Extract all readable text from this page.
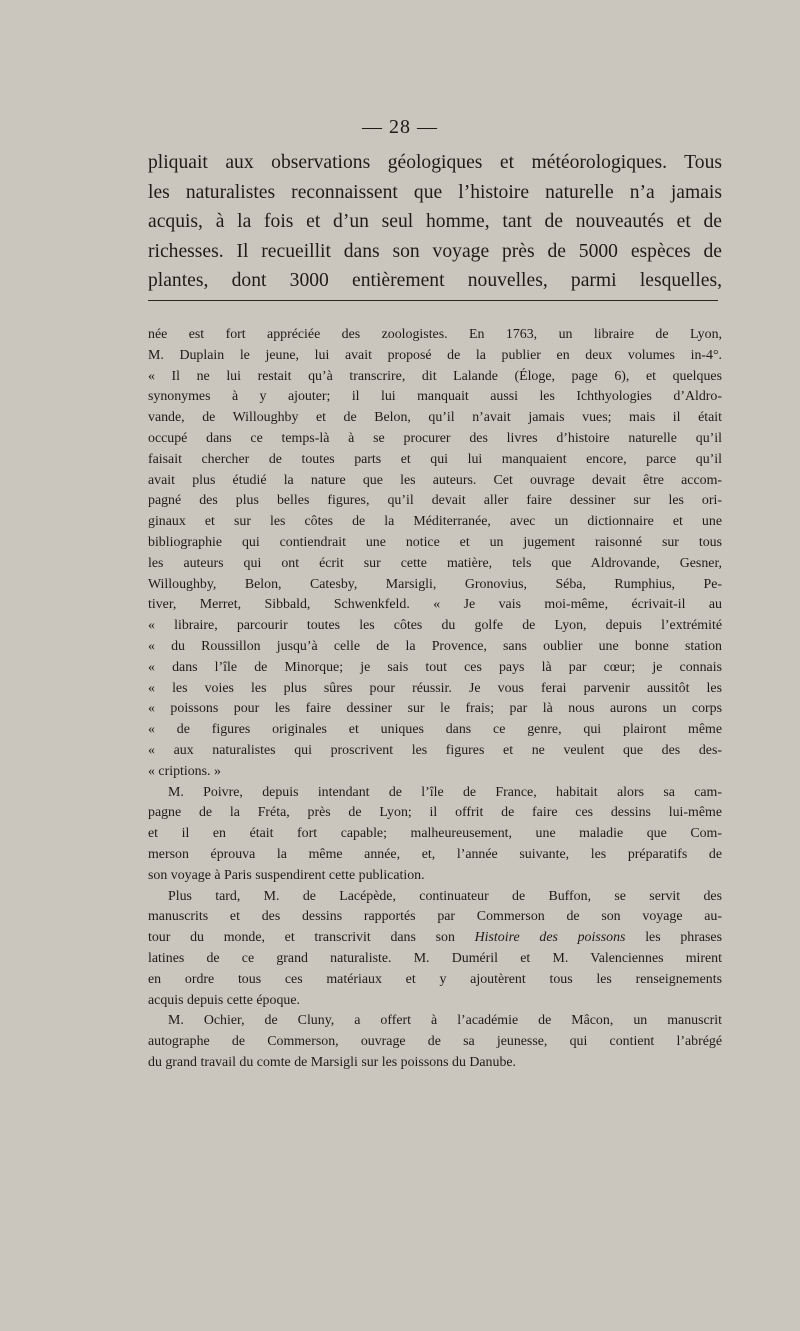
— 28 —
pliquait aux observations géologiques et météorologiques. Tous
les naturalistes reconnaissent que l’histoire naturelle n’a jamais
acquis, à la fois et d’un seul homme, tant de nouveautés et de
richesses. Il recueillit dans son voyage près de 5000 espèces de
plantes, dont 3000 entièrement nouvelles, parmi lesquelles,
née est fort appréciée des zoologistes. En 1763, un libraire de Lyon,
M. Duplain le jeune, lui avait proposé de la publier en deux volumes in-4°.
« Il ne lui restait qu’à transcrire, dit Lalande (Éloge, page 6), et quelques
synonymes à y ajouter; il lui manquait aussi les Ichthyologies d’Aldro-
vande, de Willoughby et de Belon, qu’il n’avait jamais vues; mais il était
occupé dans ce temps-là à se procurer des livres d’histoire naturelle qu’il
faisait chercher de toutes parts et qui lui manquaient encore, parce qu’il
avait plus étudié la nature que les auteurs. Cet ouvrage devait être accom-
pagné des plus belles figures, qu’il devait aller faire dessiner sur les ori-
ginaux et sur les côtes de la Méditerranée, avec un dictionnaire et une
bibliographie qui contiendrait une notice et un jugement raisonné sur tous
les auteurs qui ont écrit sur cette matière, tels que Aldrovande, Gesner,
Willoughby, Belon, Catesby, Marsigli, Gronovius, Séba, Rumphius, Pe-
tiver, Merret, Sibbald, Schwenkfeld. « Je vais moi-même, écrivait-il au
« libraire, parcourir toutes les côtes du golfe de Lyon, depuis l’extrémité
« du Roussillon jusqu’à celle de la Provence, sans oublier une bonne station
« dans l’île de Minorque; je sais tout ces pays là par cœur; je connais
« les voies les plus sûres pour réussir. Je vous ferai parvenir aussitôt les
« poissons pour les faire dessiner sur le frais; par là nous aurons un corps
« de figures originales et uniques dans ce genre, qui plairont même
« aux naturalistes qui proscrivent les figures et ne veulent que des des-
« criptions. »
M. Poivre, depuis intendant de l’île de France, habitait alors sa cam-
pagne de la Fréta, près de Lyon; il offrit de faire ces dessins lui-même
et il en était fort capable; malheureusement, une maladie que Com-
merson éprouva la même année, et, l’année suivante, les préparatifs de
son voyage à Paris suspendirent cette publication.
Plus tard, M. de Lacépède, continuateur de Buffon, se servit des
manuscrits et des dessins rapportés par Commerson de son voyage au-
tour du monde, et transcrivit dans son Histoire des poissons les phrases
latines de ce grand naturaliste. M. Duméril et M. Valenciennes mirent
en ordre tous ces matériaux et y ajoutèrent tous les renseignements
acquis depuis cette époque.
M. Ochier, de Cluny, a offert à l’académie de Mâcon, un manuscrit
autographe de Commerson, ouvrage de sa jeunesse, qui contient l’abrégé
du grand travail du comte de Marsigli sur les poissons du Danube.
